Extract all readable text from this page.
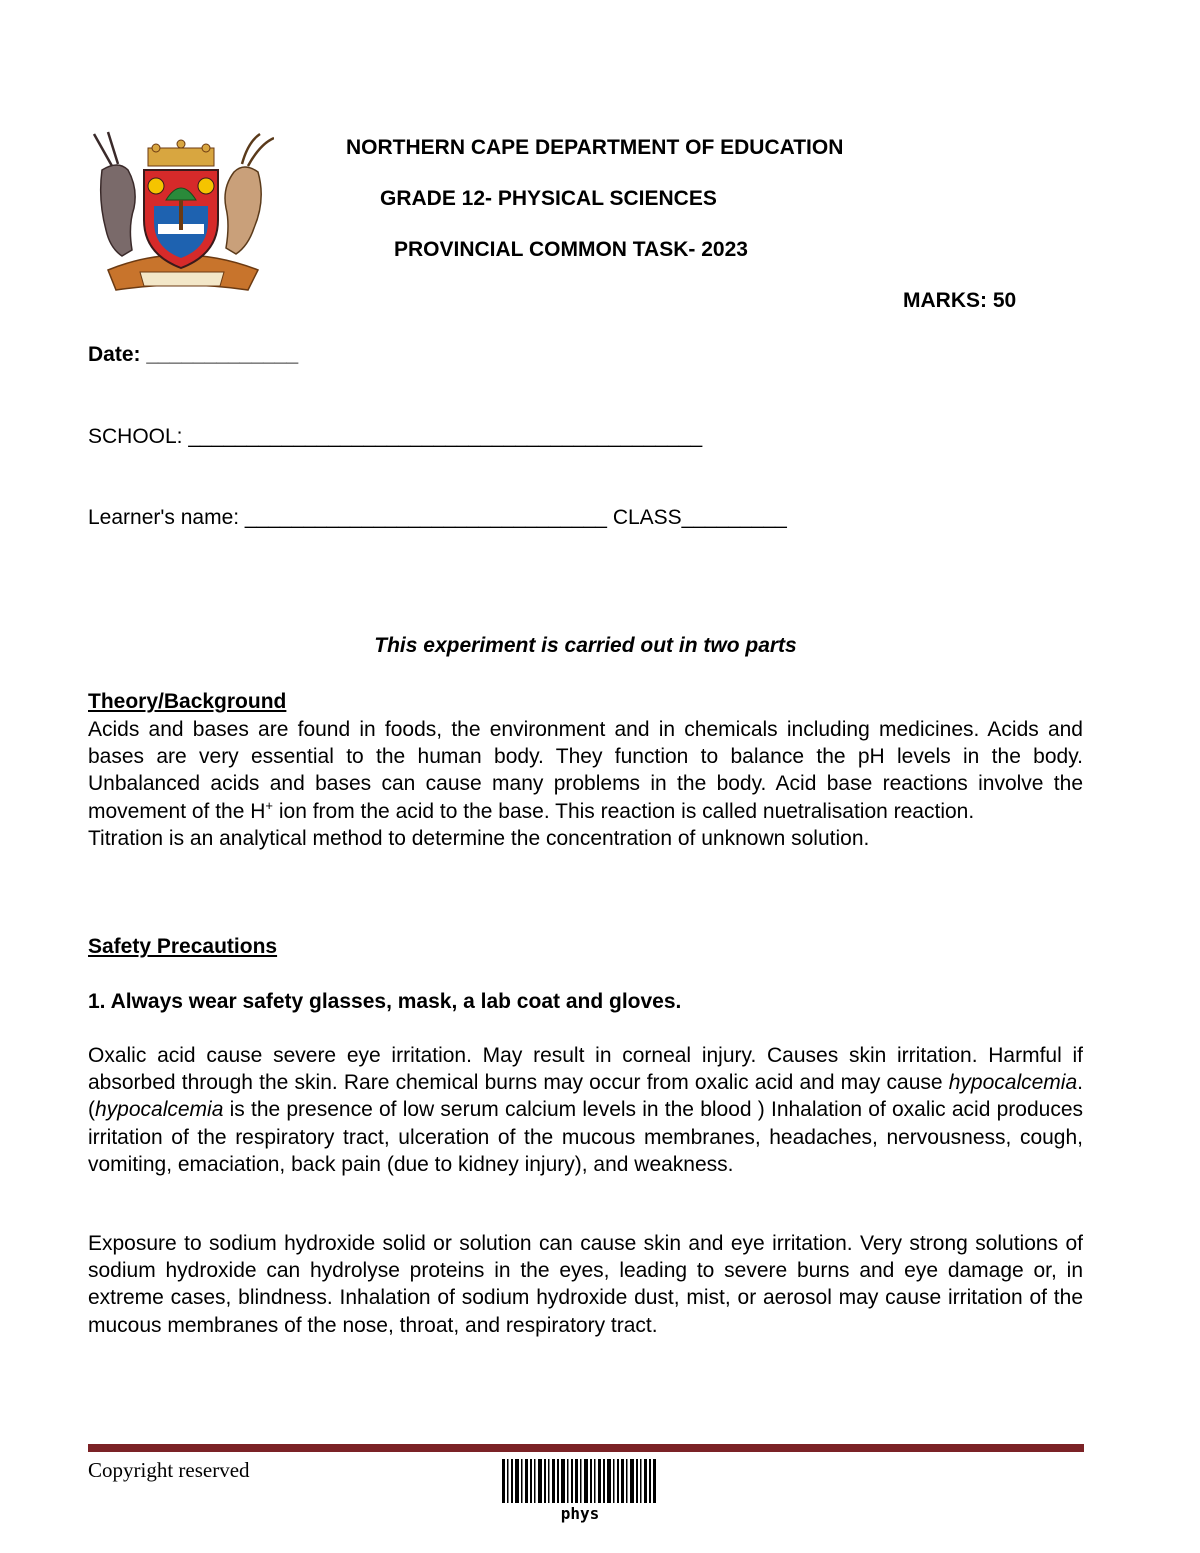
NORTHERN CAPE DEPARTMENT OF EDUCATION
GRADE 12- PHYSICAL SCIENCES
PROVINCIAL COMMON TASK- 2023
MARKS: 50
Date: _____________
SCHOOL: ____________________________________________
Learner's name: _______________________________ CLASS_________
This experiment is carried out in two parts
Theory/Background

Acids and bases are found in foods, the environment and in chemicals including medicines. Acids and bases are very essential to the human body. They function to balance the pH levels in the body. Unbalanced acids and bases can cause many problems in the body. Acid base reactions involve the movement of the H+ ion from the acid to the base. This reaction is called nuetralisation reaction.

Titration is an analytical method to determine the concentration of unknown solution.

Safety Precautions
1. Always wear safety glasses, mask, a lab coat and gloves.

Oxalic acid cause severe eye irritation. May result in corneal injury. Causes skin irritation. Harmful if absorbed through the skin. Rare chemical burns may occur from oxalic acid and may cause hypocalcemia. (hypocalcemia is the presence of low serum calcium levels in the blood ) Inhalation of oxalic acid produces irritation of the respiratory tract, ulceration of the mucous membranes, headaches, nervousness, cough, vomiting, emaciation, back pain (due to kidney injury), and weakness.

Exposure to sodium hydroxide solid or solution can cause skin and eye irritation. Very strong solutions of sodium hydroxide can hydrolyse proteins in the eyes, leading to severe burns and eye damage or, in extreme cases, blindness. Inhalation of sodium hydroxide dust, mist, or aerosol may cause irritation of the mucous membranes of the nose, throat, and respiratory tract.

Copyright reserved
phys
